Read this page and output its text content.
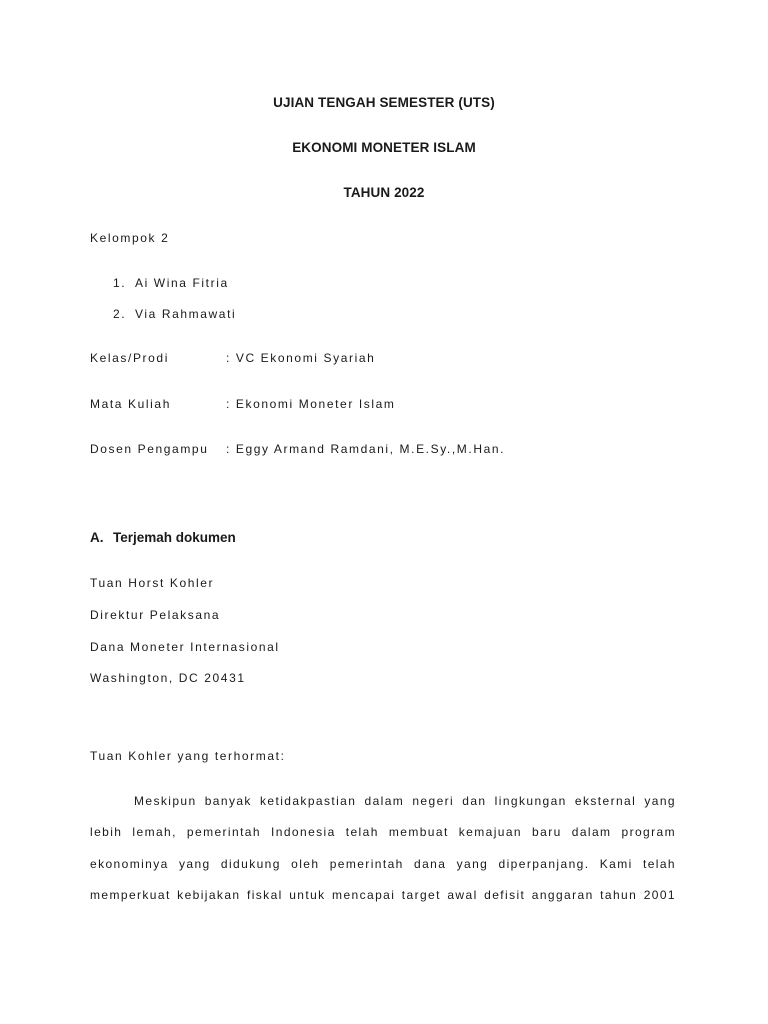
UJIAN TENGAH SEMESTER (UTS)
EKONOMI MONETER ISLAM
TAHUN 2022
Kelompok 2
1. Ai Wina Fitria
2. Via Rahmawati
Kelas/Prodi	: VC Ekonomi Syariah
Mata Kuliah	: Ekonomi Moneter Islam
Dosen Pengampu : Eggy Armand Ramdani, M.E.Sy.,M.Han.
A. Terjemah dokumen
Tuan Horst Kohler
Direktur Pelaksana
Dana Moneter Internasional
Washington, DC 20431
Tuan Kohler yang terhormat:
Meskipun banyak ketidakpastian dalam negeri dan lingkungan eksternal yang
lebih lemah, pemerintah Indonesia telah membuat kemajuan baru dalam program
ekonominya yang didukung oleh pemerintah dana yang diperpanjang. Kami telah
memperkuat kebijakan fiskal untuk mencapai target awal defisit anggaran tahun 2001
